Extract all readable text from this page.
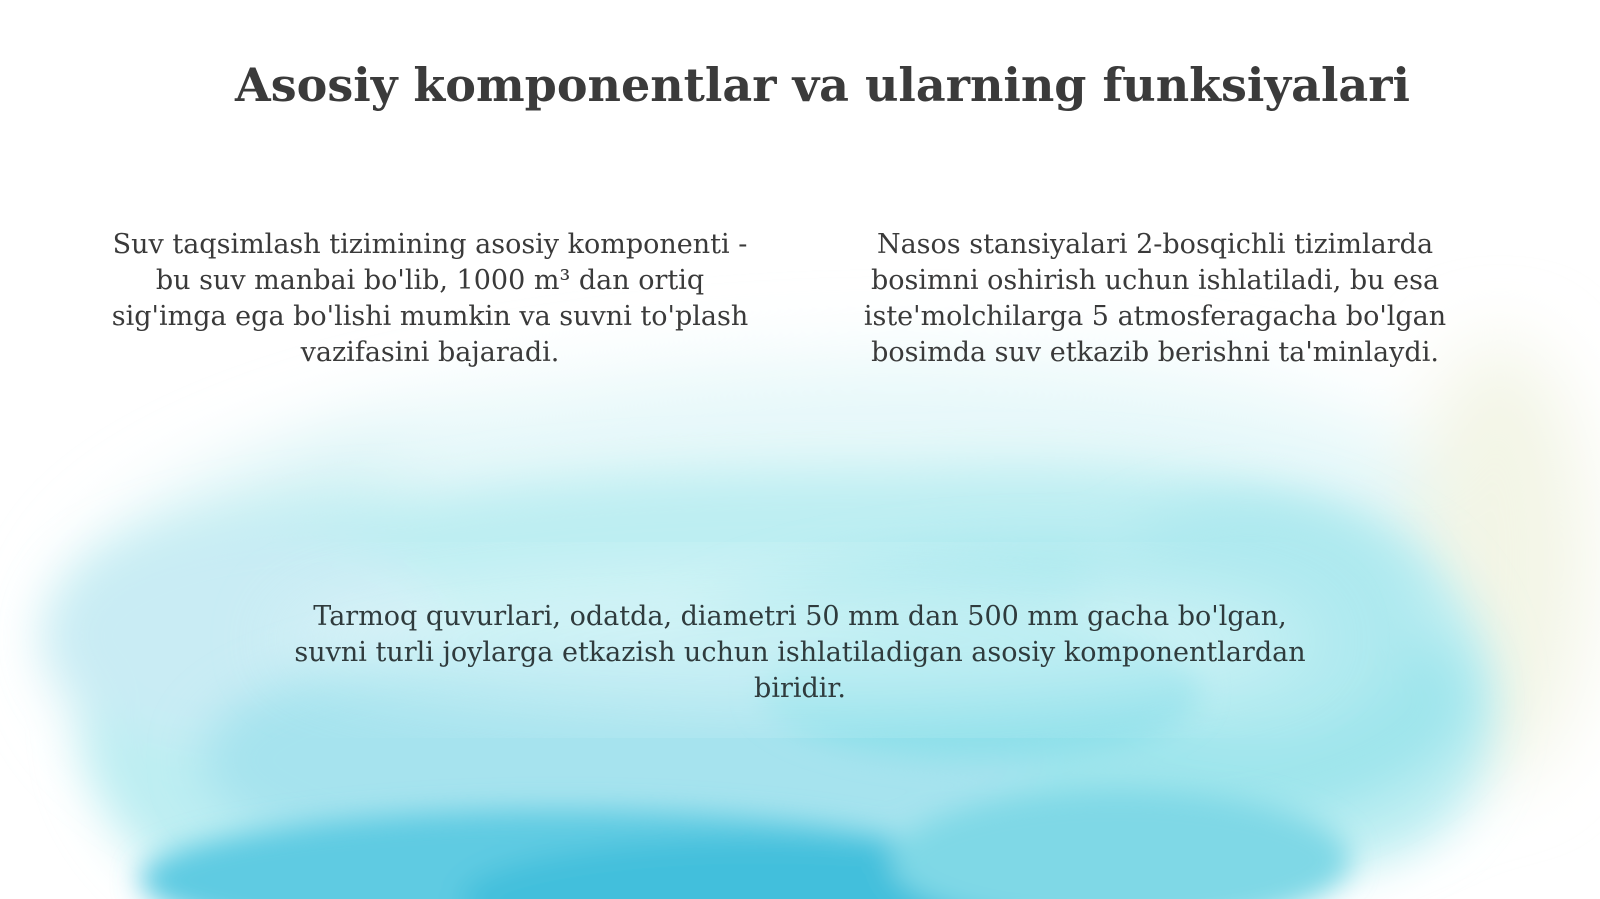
Asosiy komponentlar va ularning funksiyalari
Suv taqsimlash tizimining asosiy komponenti - bu suv manbai bo'lib, 1000 m³ dan ortiq sig'imga ega bo'lishi mumkin va suvni to'plash vazifasini bajaradi.
Nasos stansiyalari 2-bosqichli tizimlarda bosimni oshirish uchun ishlatiladi, bu esa iste'molchilarga 5 atmosferagacha bo'lgan bosimda suv etkazib berishni ta'minlaydi.
Tarmoq quvurlari, odatda, diametri 50 mm dan 500 mm gacha bo'lgan, suvni turli joylarga etkazish uchun ishlatiladigan asosiy komponentlardan biridir.
